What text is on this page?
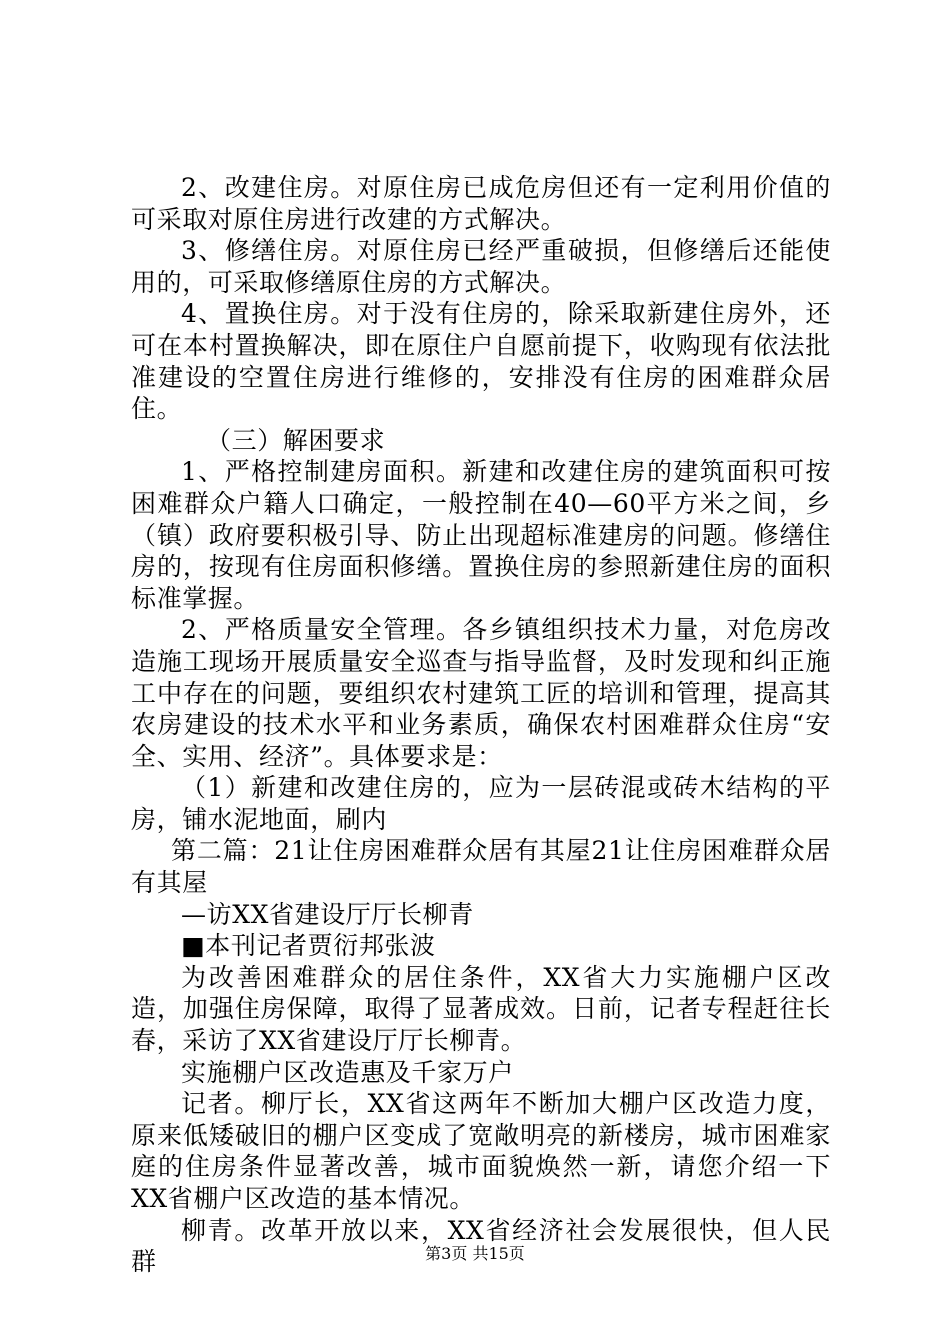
2、改建住房。对原住房已成危房但还有一定利用价值的可采取对原住房进行改建的方式解决。

3、修缮住房。对原住房已经严重破损，但修缮后还能使用的，可采取修缮原住房的方式解决。

4、置换住房。对于没有住房的，除采取新建住房外，还可在本村置换解决，即在原住户自愿前提下，收购现有依法批准建设的空置住房进行维修的，安排没有住房的困难群众居住。

（三）解困要求

1、严格控制建房面积。新建和改建住房的建筑面积可按困难群众户籍人口确定，一般控制在40—60平方米之间，乡（镇）政府要积极引导、防止出现超标准建房的问题。修缮住房的，按现有住房面积修缮。置换住房的参照新建住房的面积标准掌握。

2、严格质量安全管理。各乡镇组织技术力量，对危房改造施工现场开展质量安全巡查与指导监督，及时发现和纠正施工中存在的问题，要组织农村建筑工匠的培训和管理，提高其农房建设的技术水平和业务素质，确保农村困难群众住房“安全、实用、经济”。具体要求是：

（1）新建和改建住房的，应为一层砖混或砖木结构的平房，铺水泥地面，刷内

第二篇：21让住房困难群众居有其屋21让住房困难群众居有其屋

—访XX省建设厅厅长柳青

■本刊记者贾衍邦张波

为改善困难群众的居住条件，XX省大力实施棚户区改造，加强住房保障，取得了显著成效。日前，记者专程赶往长春，采访了XX省建设厅厅长柳青。

实施棚户区改造惠及千家万户

记者。柳厅长，XX省这两年不断加大棚户区改造力度，原来低矮破旧的棚户区变成了宽敞明亮的新楼房，城市困难家庭的住房条件显著改善，城市面貌焕然一新，请您介绍一下XX省棚户区改造的基本情况。

柳青。改革开放以来，XX省经济社会发展很快，但人民群	第3页 共15页
